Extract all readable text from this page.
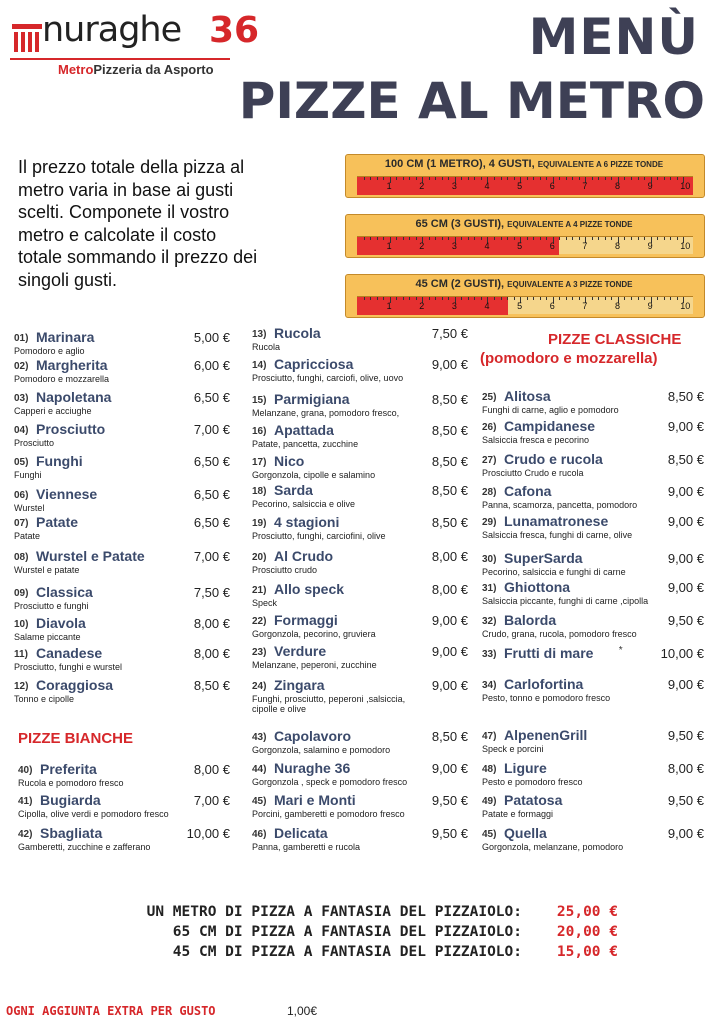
nuraghe 36
MetroPizzeria da Asporto
MENÙ
PIZZE AL METRO
Il prezzo totale della pizza al metro varia in base ai gusti scelti. Componete il vostro metro e calcolate il costo totale sommando il prezzo dei singoli gusti.
100 CM (1 METRO), 4 GUSTI, EQUIVALENTE A 6 PIZZE TONDE
1	2	3	4	5	6	7	8	9	10
65 CM (3 GUSTI), EQUIVALENTE A 4 PIZZE TONDE
1	2	3	4	5	6	7	8	9	10
45 CM (2 GUSTI), EQUIVALENTE A 3 PIZZE TONDE
1	2	3	4	5	6	7	8	9	10
PIZZE CLASSICHE
(pomodoro e mozzarella)
PIZZE BIANCHE
01) Marinara	5,00 €
Pomodoro e aglio
02) Margherita	6,00 €
Pomodoro e mozzarella
03) Napoletana	6,50 €
Capperi e acciughe
04) Prosciutto	7,00 €
Prosciutto
05) Funghi	6,50 €
Funghi
06) Viennese	6,50 €
Wurstel
07) Patate	6,50 €
Patate
08) Wurstel e Patate	7,00 €
Wurstel e patate
09) Classica	7,50 €
Prosciutto e funghi
10) Diavola	8,00 €
Salame piccante
11) Canadese	8,00 €
Prosciutto, funghi e wurstel
12) Coraggiosa	8,50 €
Tonno e cipolle
13) Rucola	7,50 €
Rucola
14) Capricciosa	9,00 €
Prosciutto, funghi, carciofi, olive, uovo
15) Parmigiana	8,50 €
Melanzane, grana, pomodoro fresco,
16) Apattada	8,50 €
Patate, pancetta, zucchine
17) Nico	8,50 €
Gorgonzola, cipolle e salamino
18) Sarda	8,50 €
Pecorino, salsiccia e olive
19) 4 stagioni	8,50 €
Prosciutto, funghi, carciofini, olive
20) Al Crudo	8,00 €
Prosciutto crudo
21) Allo speck	8,00 €
Speck
22) Formaggi	9,00 €
Gorgonzola, pecorino, gruviera
23) Verdure	9,00 €
Melanzane, peperoni, zucchine
24) Zingara	9,00 €
Funghi, prosciutto, peperoni ,salsiccia,
cipolle e olive
25) Alitosa	8,50 €
Funghi di carne, aglio e pomodoro
26) Campidanese	9,00 €
Salsiccia fresca e pecorino
27) Crudo e rucola	8,50 €
Prosciutto Crudo e rucola
28) Cafona	9,00 €
Panna, scamorza, pancetta, pomodoro
29) Lunamatronese	9,00 €
Salsiccia fresca, funghi di carne, olive
30) SuperSarda	9,00 €
Pecorino, salsiccia e funghi di carne
31) Ghiottona	9,00 €
Salsiccia piccante, funghi di carne ,cipolla
32) Balorda	9,50 €
Crudo, grana, rucola, pomodoro fresco
33) Frutti di mare	10,00 €
*
34) Carlofortina	9,00 €
Pesto, tonno e pomodoro fresco
40) Preferita	8,00 €
Rucola e pomodoro fresco
41) Bugiarda	7,00 €
Cipolla, olive verdi e pomodoro fresco
42) Sbagliata	10,00 €
Gamberetti, zucchine e zafferano
43) Capolavoro	8,50 €
Gorgonzola, salamino e pomodoro
44) Nuraghe 36	9,00 €
Gorgonzola , speck e pomodoro fresco
45) Mari e Monti	9,50 €
Porcini, gamberetti e pomodoro fresco
46) Delicata	9,50 €
Panna, gamberetti e rucola
47) AlpenenGrill	9,50 €
Speck e porcini
48) Ligure	8,00 €
Pesto e pomodoro fresco
49) Patatosa	9,50 €
Patate e formaggi
45) Quella	9,00 €
Gorgonzola, melanzane, pomodoro
UN METRO DI PIZZA A FANTASIA DEL PIZZAIOLO:	25,00 €
65 CM DI PIZZA A FANTASIA DEL PIZZAIOLO:	20,00 €
45 CM DI PIZZA A FANTASIA DEL PIZZAIOLO:	15,00 €
OGNI AGGIUNTA EXTRA PER GUSTO	1,00€
